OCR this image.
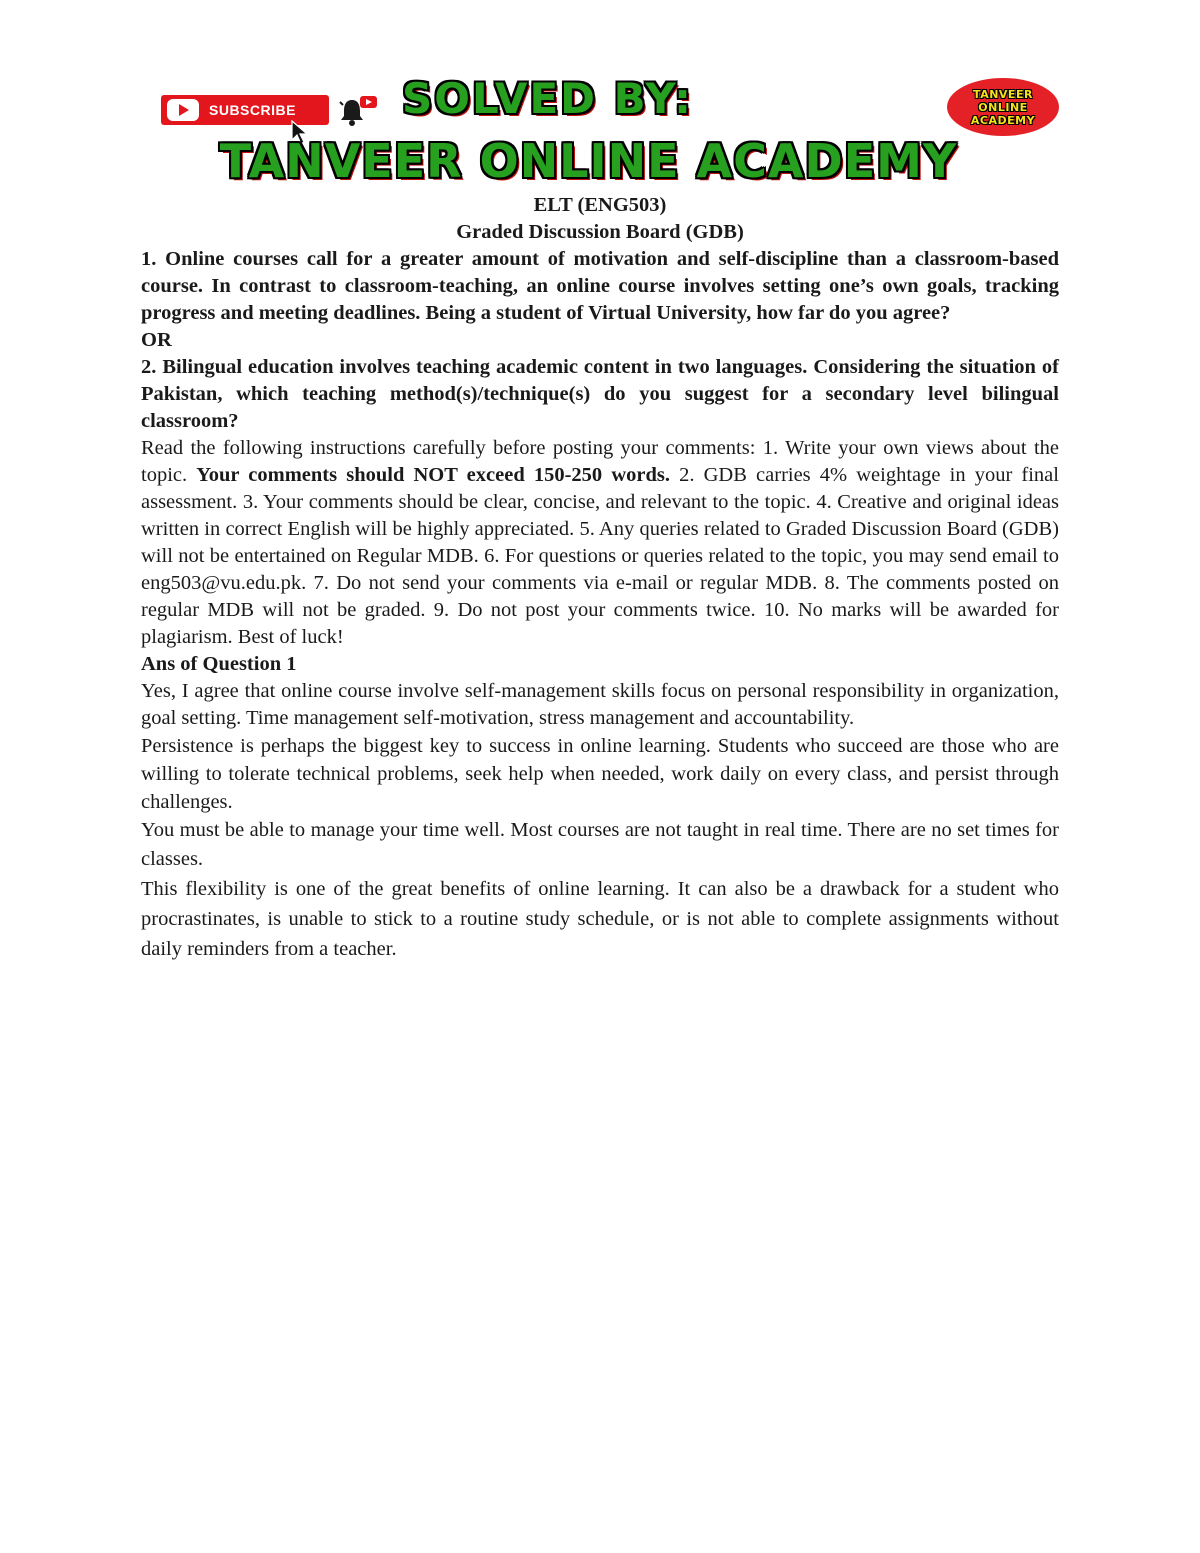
SUBSCRIBE	SOLVED BY:	TANVEER
ONLINE
ACADEMY
TANVEER ONLINE ACADEMY

ELT (ENG503)

Graded Discussion Board (GDB)

1. Online courses call for a greater amount of motivation and self-discipline than a classroom-based course. In contrast to classroom-teaching, an online course involves setting one’s own goals, tracking progress and meeting deadlines. Being a student of Virtual University, how far do you agree?

OR

2. Bilingual education involves teaching academic content in two languages. Considering the situation of Pakistan, which teaching method(s)/technique(s) do you suggest for a secondary level bilingual classroom?

Read the following instructions carefully before posting your comments: 1. Write your own views about the topic. Your comments should NOT exceed 150-250 words. 2. GDB carries 4% weightage in your final assessment. 3. Your comments should be clear, concise, and relevant to the topic. 4. Creative and original ideas written in correct English will be highly appreciated. 5. Any queries related to Graded Discussion Board (GDB) will not be entertained on Regular MDB. 6. For questions or queries related to the topic, you may send email to eng503@vu.edu.pk. 7. Do not send your comments via e-mail or regular MDB. 8. The comments posted on regular MDB will not be graded. 9. Do not post your comments twice. 10. No marks will be awarded for plagiarism. Best of luck!

Ans of Question 1

Yes, I agree that online course involve self-management skills focus on personal responsibility in organization, goal setting. Time management self-motivation, stress management and accountability.

Persistence is perhaps the biggest key to success in online learning. Students who succeed are those who are willing to tolerate technical problems, seek help when needed, work daily on every class, and persist through challenges.

You must be able to manage your time well. Most courses are not taught in real time. There are no set times for classes.

This flexibility is one of the great benefits of online learning. It can also be a drawback for a student who procrastinates, is unable to stick to a routine study schedule, or is not able to complete assignments without daily reminders from a teacher.
